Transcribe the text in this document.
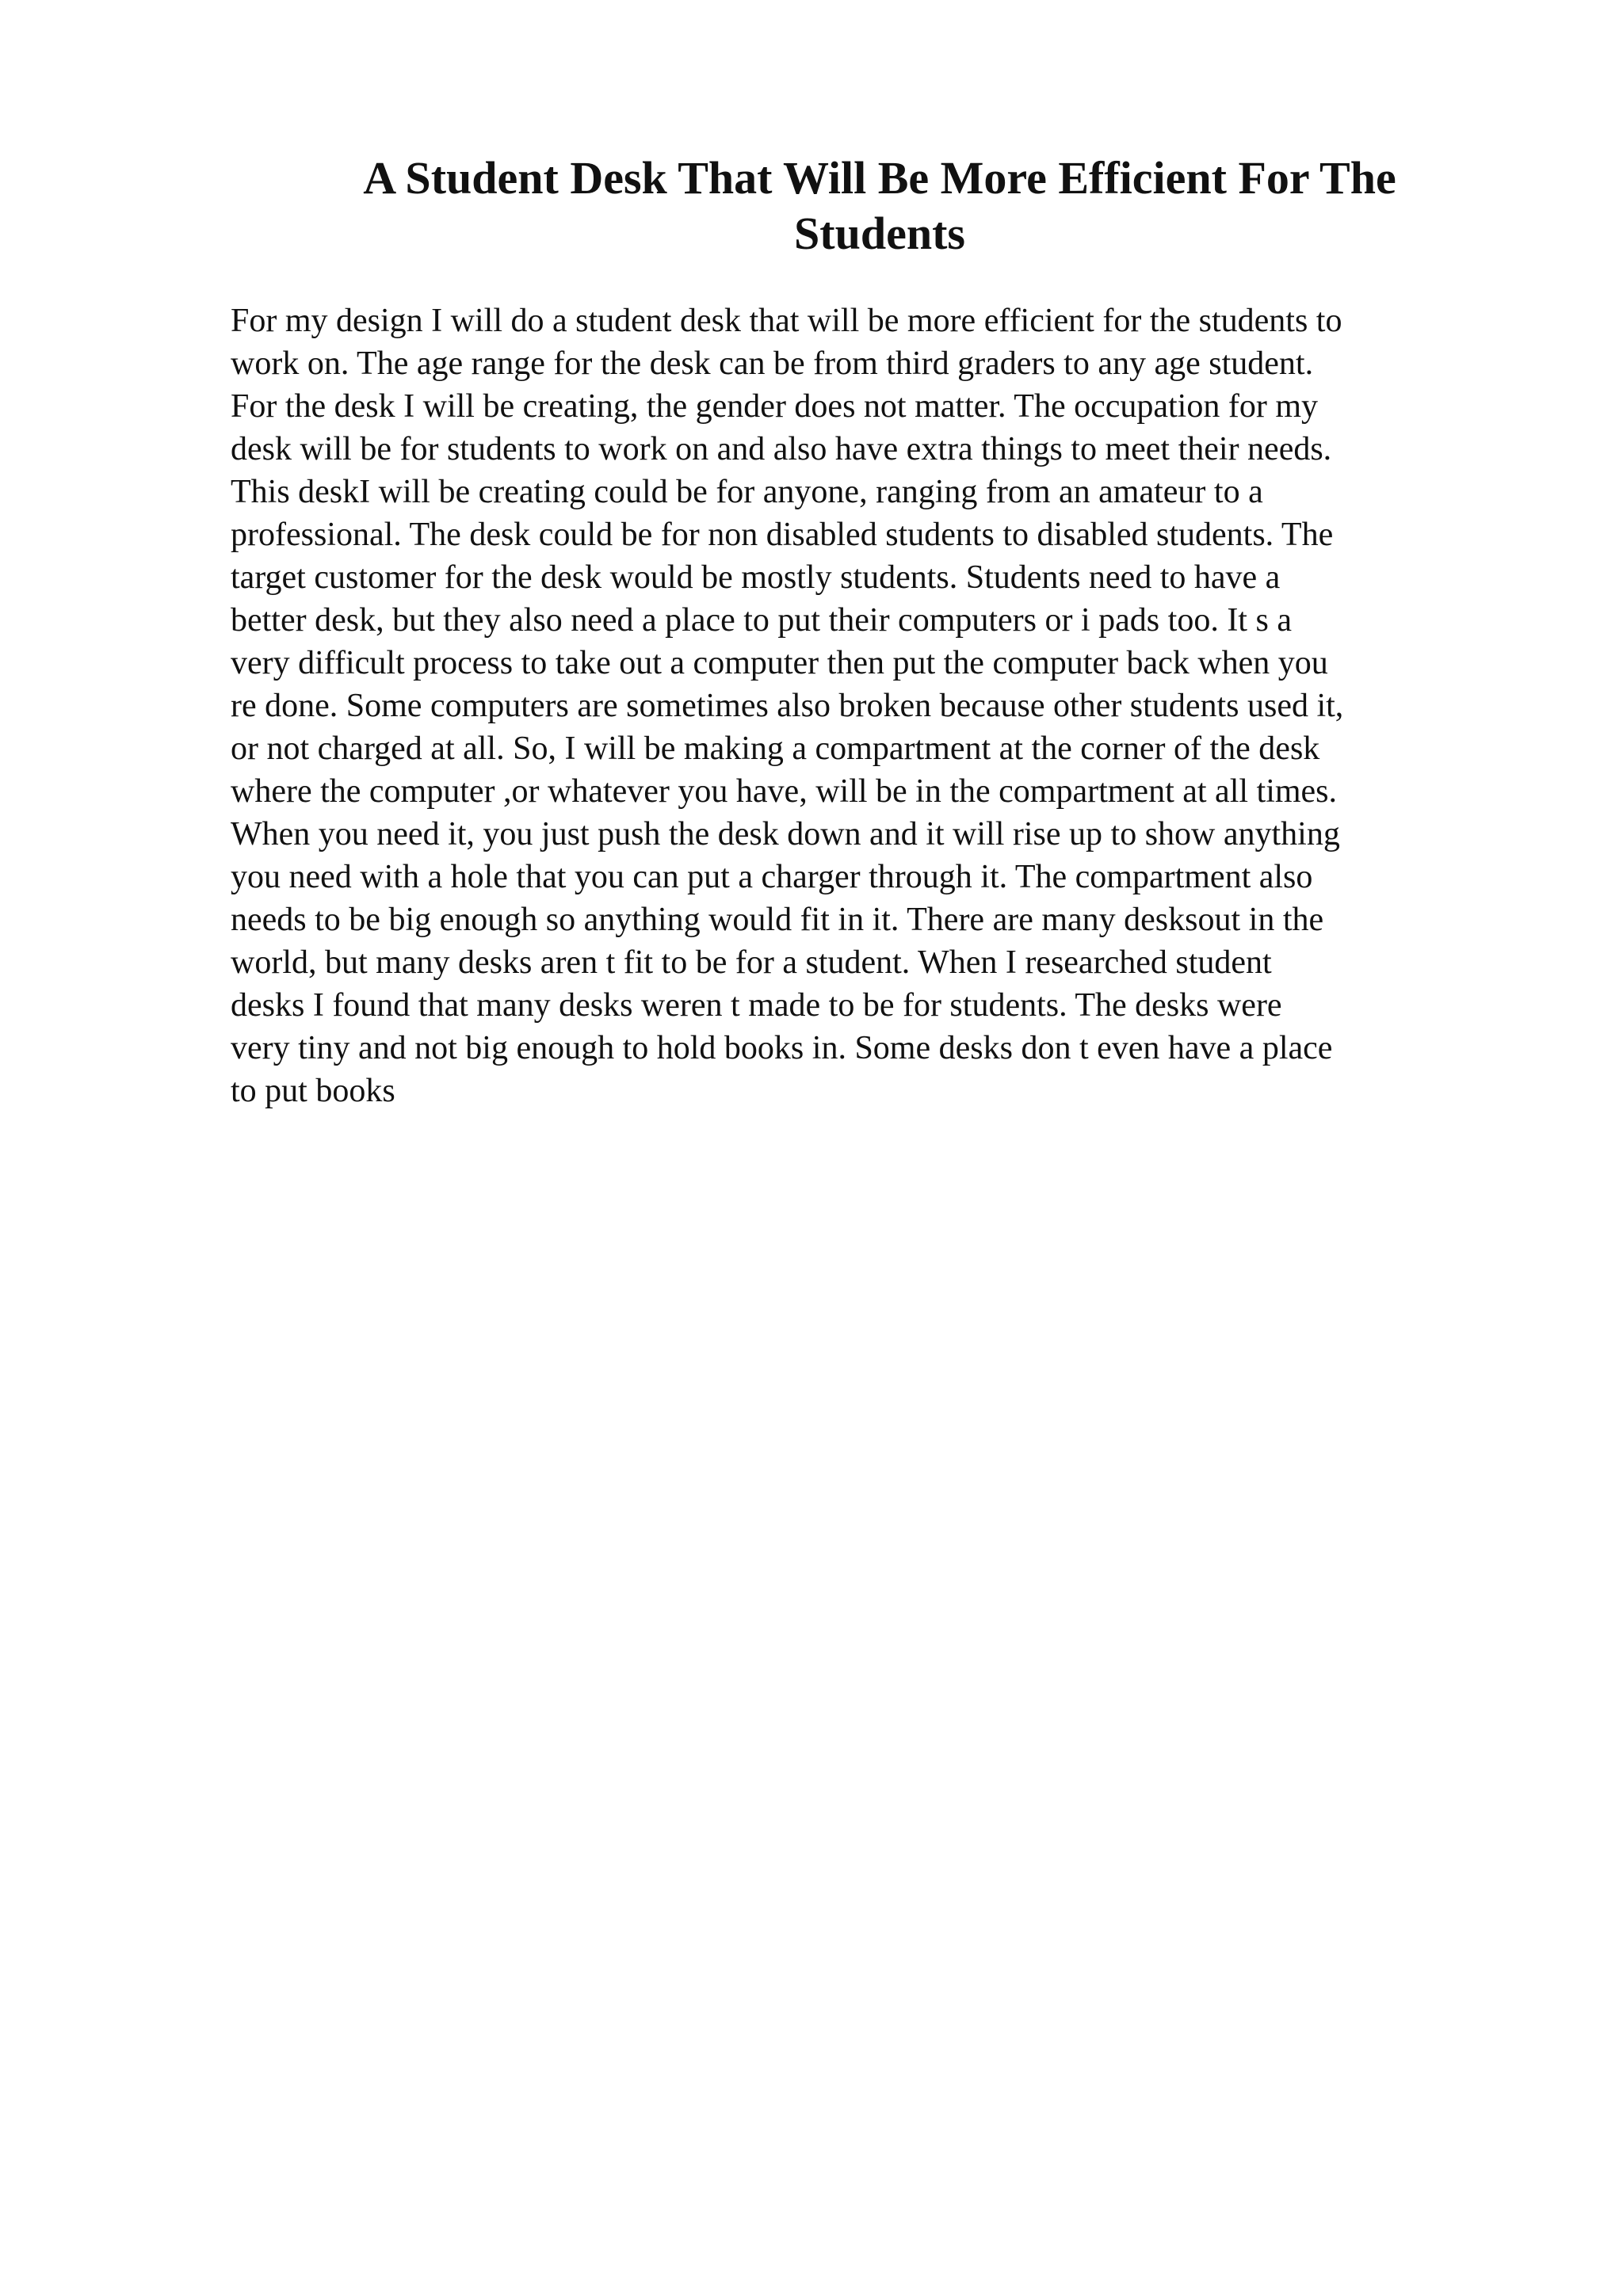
A Student Desk That Will Be More Efficient For The Students
For my design I will do a student desk that will be more efficient for the students to
work on. The age range for the desk can be from third graders to any age student.
For the desk I will be creating, the gender does not matter. The occupation for my
desk will be for students to work on and also have extra things to meet their needs.
This deskI will be creating could be for anyone, ranging from an amateur to a
professional. The desk could be for non disabled students to disabled students. The
target customer for the desk would be mostly students. Students need to have a
better desk, but they also need a place to put their computers or i pads too. It s a
very difficult process to take out a computer then put the computer back when you
re done. Some computers are sometimes also broken because other students used it,
or not charged at all. So, I will be making a compartment at the corner of the desk
where the computer ,or whatever you have, will be in the compartment at all times.
When you need it, you just push the desk down and it will rise up to show anything
you need with a hole that you can put a charger through it. The compartment also
needs to be big enough so anything would fit in it. There are many desksout in the
world, but many desks aren t fit to be for a student. When I researched student
desks I found that many desks weren t made to be for students. The desks were
very tiny and not big enough to hold books in. Some desks don t even have a place
to put books
